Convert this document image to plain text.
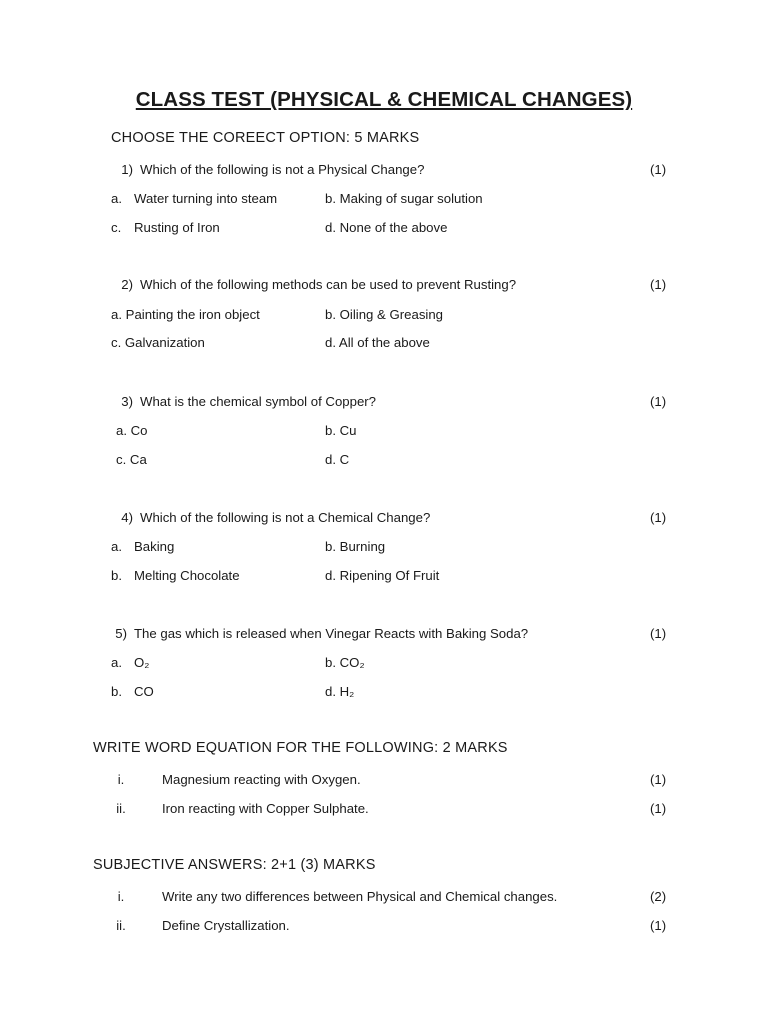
CLASS TEST (PHYSICAL & CHEMICAL CHANGES)
CHOOSE THE COREECT OPTION: 5 MARKS
1) Which of the following is not a Physical Change?	(1)
a. Water turning into steam	b. Making of sugar solution
c. Rusting of Iron	d. None of the above
2) Which of the following methods can be used to prevent Rusting?	(1)
a. Painting the iron object	b. Oiling & Greasing
c. Galvanization	d. All of the above
3) What is the chemical symbol of Copper?	(1)
a. Co	b. Cu
c. Ca	d. C
4) Which of the following is not a Chemical Change?	(1)
a. Baking	b. Burning
b. Melting Chocolate	d. Ripening Of Fruit
5) The gas which is released when Vinegar Reacts with Baking Soda?	(1)
a. O₂	b. CO₂
b. CO	d. H₂
WRITE WORD EQUATION FOR THE FOLLOWING: 2 MARKS
i.	Magnesium reacting with Oxygen.	(1)
ii.	Iron reacting with Copper Sulphate.	(1)
SUBJECTIVE ANSWERS: 2+1 (3) MARKS
i.	Write any two differences between Physical and Chemical changes.	(2)
ii.	Define Crystallization.	(1)
